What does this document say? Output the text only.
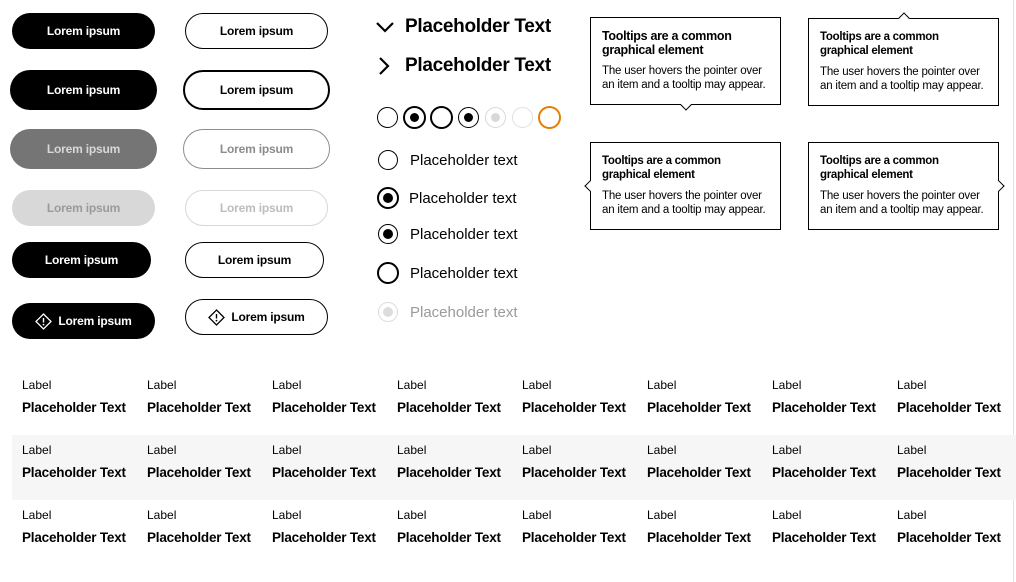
Lorem ipsum
Lorem ipsum
Lorem ipsum
Lorem ipsum
Lorem ipsum
Lorem ipsum
Lorem ipsum
Lorem ipsum
Lorem ipsum
Lorem ipsum
Lorem ipsum
Lorem ipsum
Placeholder Text
Placeholder Text
Placeholder text
Placeholder text
Placeholder text
Placeholder text
Placeholder text
Tooltips are a common graphical element
The user hovers the pointer over an item and a tooltip may appear.
Tooltips are a common graphical element
The user hovers the pointer over an item and a tooltip may appear.
Tooltips are a common graphical element
The user hovers the pointer over an item and a tooltip may appear.
Tooltips are a common graphical element
The user hovers the pointer over an item and a tooltip may appear.
Label
Placeholder Text
Label
Placeholder Text
Label
Placeholder Text
Label
Placeholder Text
Label
Placeholder Text
Label
Placeholder Text
Label
Placeholder Text
Label
Placeholder Text
Label
Placeholder Text
Label
Placeholder Text
Label
Placeholder Text
Label
Placeholder Text
Label
Placeholder Text
Label
Placeholder Text
Label
Placeholder Text
Label
Placeholder Text
Label
Placeholder Text
Label
Placeholder Text
Label
Placeholder Text
Label
Placeholder Text
Label
Placeholder Text
Label
Placeholder Text
Label
Placeholder Text
Label
Placeholder Text
